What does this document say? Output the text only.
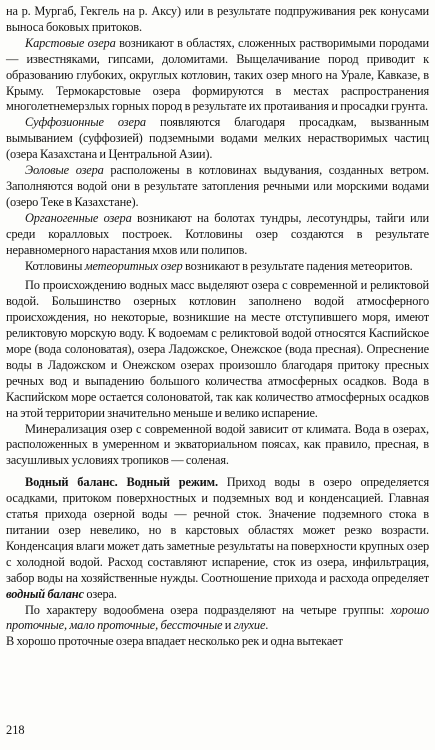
на р. Мургаб, Гекгель на р. Аксу) или в результате подпруживания рек конусами выноса боковых притоков.

Карстовые озера возникают в областях, сложенных растворимыми породами — известняками, гипсами, доломитами. Выщелачивание пород приводит к образованию глубоких, округлых котловин, таких озер много на Урале, Кавказе, в Крыму. Термокарстовые озера формируются в местах распространения многолетнемерзлых горных пород в результате их протаивания и просадки грунта.

Суффозионные озера появляются благодаря просадкам, вызванным вымыванием (суффозией) подземными водами мелких нерастворимых частиц (озера Казахстана и Центральной Азии).

Эоловые озера расположены в котловинах выдувания, созданных ветром. Заполняются водой они в результате затопления речными или морскими водами (озеро Теке в Казахстане).

Органогенные озера возникают на болотах тундры, лесотундры, тайги или среди коралловых построек. Котловины озер создаются в результате неравномерного нарастания мхов или полипов.

Котловины метеоритных озер возникают в результате падения метеоритов.

По происхождению водных масс выделяют озера с современной и реликтовой водой. Большинство озерных котловин заполнено водой атмосферного происхождения, но некоторые, возникшие на месте отступившего моря, имеют реликтовую морскую воду. К водоемам с реликтовой водой относятся Каспийское море (вода солоноватая), озера Ладожское, Онежское (вода пресная). Опреснение воды в Ладожском и Онежском озерах произошло благодаря притоку пресных речных вод и выпадению большого количества атмосферных осадков. Вода в Каспийском море остается солоноватой, так как количество атмосферных осадков на этой территории значительно меньше и велико испарение.

Минерализация озер с современной водой зависит от климата. Вода в озерах, расположенных в умеренном и экваториальном поясах, как правило, пресная, в засушливых условиях тропиков — соленая.

Водный баланс. Водный режим. Приход воды в озеро определяется осадками, притоком поверхностных и подземных вод и конденсацией. Главная статья прихода озерной воды — речной сток. Значение подземного стока в питании озер невелико, но в карстовых областях может резко возрасти. Конденсация влаги может дать заметные результаты на поверхности крупных озер с холодной водой. Расход составляют испарение, сток из озера, инфильтрация, забор воды на хозяйственные нужды. Соотношение прихода и расхода определяет водный баланс озера.

По характеру водообмена озера подразделяют на четыре группы: хорошо проточные, мало проточные, бессточные и глухие.

В хорошо проточные озера впадает несколько рек и одна вытекает

218
